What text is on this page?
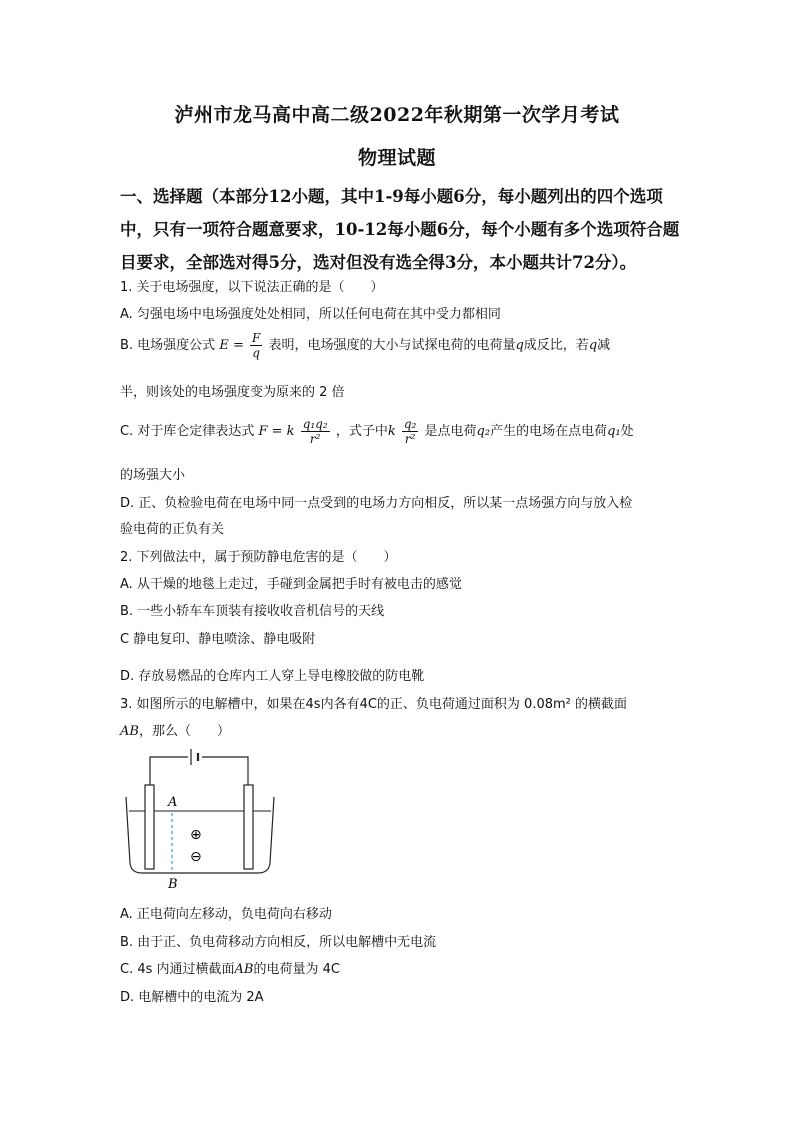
泸州市龙马高中高二级2022年秋期第一次学月考试
物理试题
一、选择题（本部分12小题，其中1-9每小题6分，每小题列出的四个选项
中，只有一项符合题意要求，10-12每小题6分，每个小题有多个选项符合题
目要求，全部选对得5分，选对但没有选全得3分，本小题共计72分）。
1. 关于电场强度，以下说法正确的是（　　）
A. 匀强电场中电场强度处处相同，所以任何电荷在其中受力都相同
B. 电场强度公式 $E = \frac{F}{q}$ 表明，电场强度的大小与试探电荷的电荷量q成反比，若q减
半，则该处的电场强度变为原来的 2 倍
C. 对于库仑定律表达式 F = k $\frac{\text{q₁q₂}}{\text{r²}}$ ，式子中k $\frac{\text{q₂}}{\text{r²}}$ 是点电荷q₂产生的电场在点电荷q₁处
的场强大小
D. 正、负检验电荷在电场中同一点受到的电场力方向相反，所以某一点场强方向与放入检
验电荷的正负有关
2. 下列做法中，属于预防静电危害的是（　　）
A. 从干燥的地毯上走过，手碰到金属把手时有被电击的感觉
B. 一些小轿车车顶装有接收收音机信号的天线
C 静电复印、静电喷涂、静电吸附
D. 存放易燃品的仓库内工人穿上导电橡胶做的防电靴
3. 如图所示的电解槽中，如果在4s内各有4C的正、负电荷通过面积为 0.08m² 的横截面
AB，那么（　　）
A
B
⊕
⊖
A. 正电荷向左移动，负电荷向右移动
B. 由于正、负电荷移动方向相反，所以电解槽中无电流
C. 4s 内通过横截面AB的电荷量为 4C
D. 电解槽中的电流为 2A
